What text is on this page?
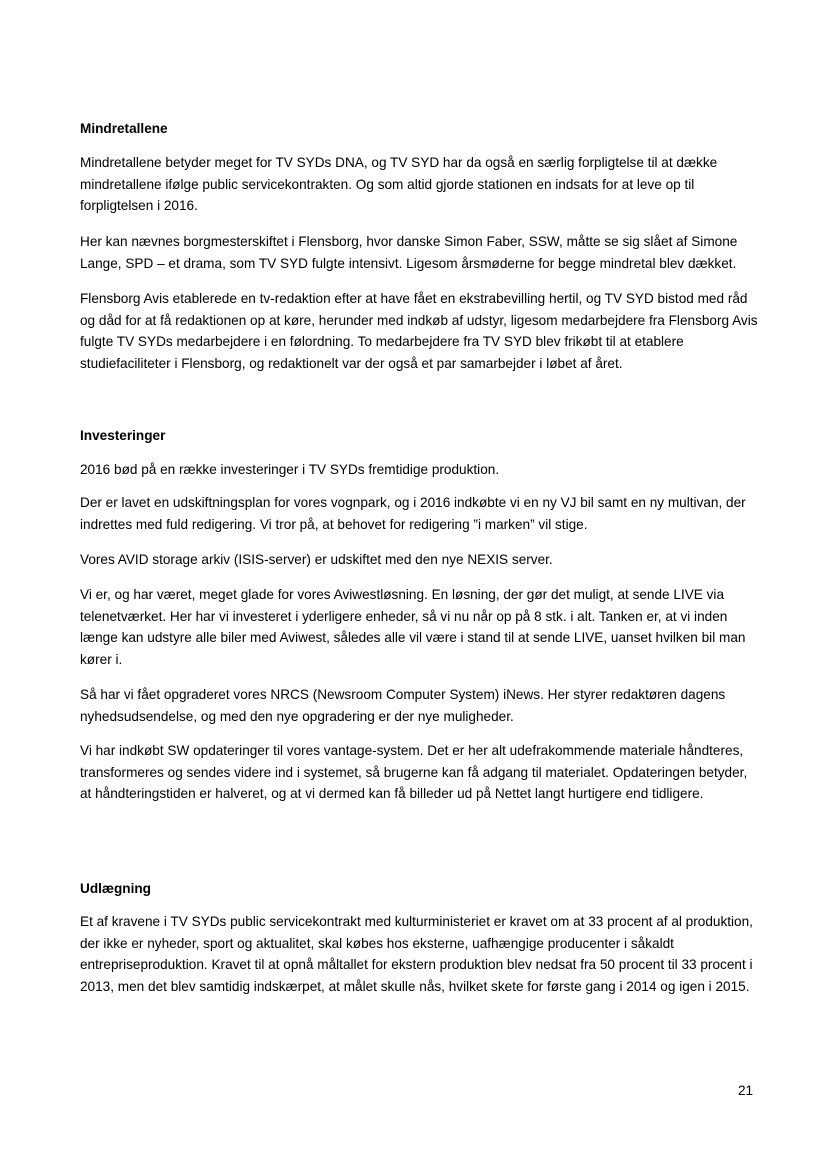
Mindretallene

Mindretallene betyder meget for TV SYDs DNA, og TV SYD har da også en særlig forpligtelse til at dække mindretallene ifølge public servicekontrakten. Og som altid gjorde stationen en indsats for at leve op til forpligtelsen i 2016.

Her kan nævnes borgmesterskiftet i Flensborg, hvor danske Simon Faber, SSW, måtte se sig slået af Simone Lange, SPD – et drama, som TV SYD fulgte intensivt. Ligesom årsmøderne for begge mindretal blev dækket.

Flensborg Avis etablerede en tv-redaktion efter at have fået en ekstrabevilling hertil, og TV SYD bistod med råd og dåd for at få redaktionen op at køre, herunder med indkøb af udstyr, ligesom medarbejdere fra Flensborg Avis fulgte TV SYDs medarbejdere i en følordning. To medarbejdere fra TV SYD blev frikøbt til at etablere studiefaciliteter i Flensborg, og redaktionelt var der også et par samarbejder i løbet af året.

Investeringer

2016 bød på en række investeringer i TV SYDs fremtidige produktion.

Der er lavet en udskiftningsplan for vores vognpark, og i 2016 indkøbte vi en ny VJ bil samt en ny multivan, der indrettes med fuld redigering. Vi tror på, at behovet for redigering ”i marken” vil stige.

Vores AVID storage arkiv (ISIS-server) er udskiftet med den nye NEXIS server.

Vi er, og har været, meget glade for vores Aviwestløsning. En løsning, der gør det muligt, at sende LIVE via telenetværket. Her har vi investeret i yderligere enheder, så vi nu når op på 8 stk. i alt. Tanken er, at vi inden længe kan udstyre alle biler med Aviwest, således alle vil være i stand til at sende LIVE, uanset hvilken bil man kører i.

Så har vi fået opgraderet vores NRCS (Newsroom Computer System) iNews. Her styrer redaktøren dagens nyhedsudsendelse, og med den nye opgradering er der nye muligheder.

Vi har indkøbt SW opdateringer til vores vantage-system. Det er her alt udefrakommende materiale håndteres, transformeres og sendes videre ind i systemet, så brugerne kan få adgang til materialet. Opdateringen betyder, at håndteringstiden er halveret, og at vi dermed kan få billeder ud på Nettet langt hurtigere end tidligere.

Udlægning

Et af kravene i TV SYDs public servicekontrakt med kulturministeriet er kravet om at 33 procent af al produktion, der ikke er nyheder, sport og aktualitet, skal købes hos eksterne, uafhængige producenter i såkaldt entrepriseproduktion. Kravet til at opnå måltallet for ekstern produktion blev nedsat fra 50 procent til 33 procent i 2013, men det blev samtidig indskærpet, at målet skulle nås, hvilket skete for første gang i 2014 og igen i 2015.

21
